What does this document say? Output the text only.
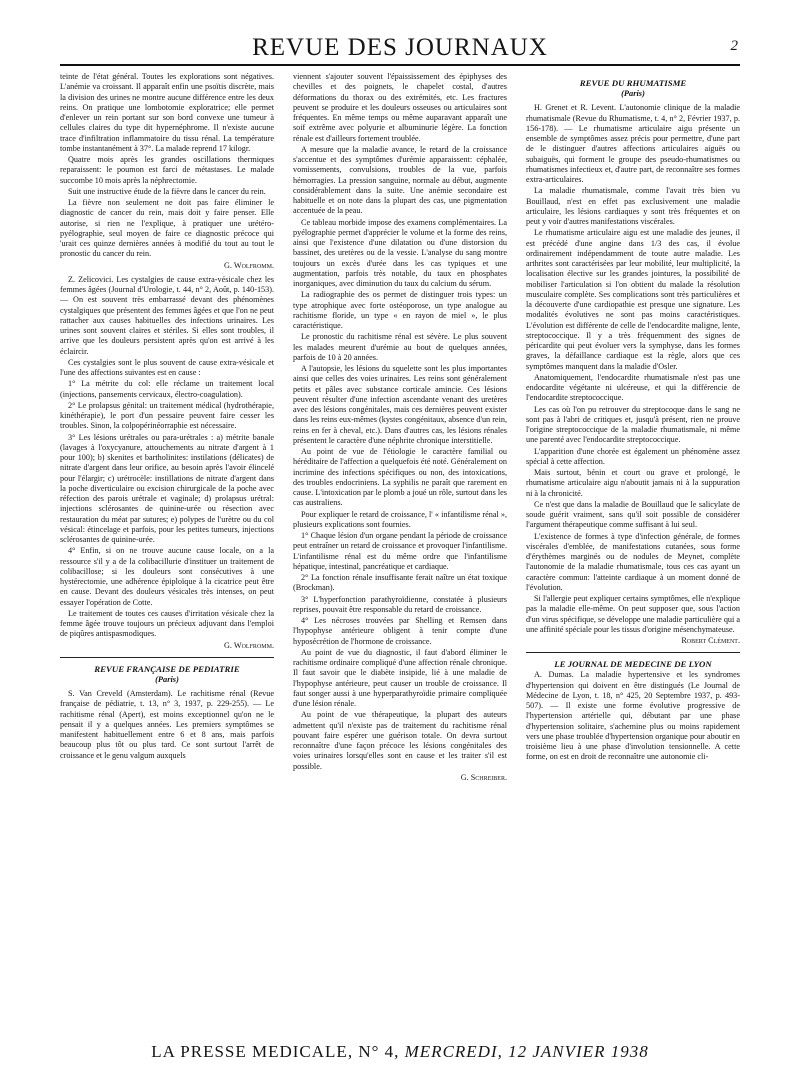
REVUE DES JOURNAUX	2

teinte de l'état général. Toutes les explorations sont négatives. L'anémie va croissant. Il apparaît enfin une psoïtis discrète, mais la division des urines ne montre aucune différence entre les deux reins. On pratique une lombotomie exploratrice; elle permet d'enlever un rein portant sur son bord convexe une tumeur à cellules claires du type dit hypernéphrome. Il n'existe aucune trace d'infiltration inflammatoire du tissu rénal. La température tombe instantanément à 37°. La malade reprend 17 kilogr.

Quatre mois après les grandes oscillations thermiques reparaissent: le poumon est farci de métastases. Le malade succombe 10 mois après la néphrectomie.

Suit une instructive étude de la fièvre dans le cancer du rein.

La fièvre non seulement ne doit pas faire éliminer le diagnostic de cancer du rein, mais doit y faire penser. Elle autorise, si rien ne l'explique, à pratiquer une urétéro-pyélographie, seul moyen de faire ce diagnostic précoce qui 'urait ces quinze dernières années à modifié du tout au tout le pronostic du cancer du rein.

G. Wolfromm.

Z. Zelicovici. Les cystalgies de cause extra-vésicale chez les femmes âgées (Journal d'Urologie, t. 44, n° 2, Août, p. 140-153). — On est souvent très embarrassé devant des phénomènes cystalgiques que présentent des femmes âgées et que l'on ne peut rattacher aux causes habituelles des infections urinaires. Les urines sont souvent claires et stériles. Si elles sont troubles, il arrive que les douleurs persistent après qu'on est arrivé à les éclaircir.

Ces cystalgies sont le plus souvent de cause extra-vésicale et l'une des affections suivantes est en cause :

1° La métrite du col: elle réclame un traitement local (injections, pansements cervicaux, électro-coagulation).

2° Le prolapsus génital: un traitement médical (hydrothérapie, kinéthérapie), le port d'un pessaire peuvent faire cesser les troubles. Sinon, la colpopérinéorraphie est nécessaire.

3° Les lésions urétrales ou para-urétrales : a) métrite banale (lavages à l'oxycyanure, attouchements au nitrate d'argent à 1 pour 100); b) skenites et bartholinites: instilations (délicates) de nitrate d'argent dans leur orifice, au besoin après l'avoir élincelé pour l'élargir; c) urétrocèle: instillations de nitrate d'argent dans la poche diverticulaire ou excision chirurgicale de la poche avec réfection des parois urétrale et vaginale; d) prolapsus urétral: injections sclérosantes de quinine-urée ou résection avec restauration du méat par sutures; e) polypes de l'urètre ou du col vésical: étincelage et parfois, pour les petites tumeurs, injections sclérosantes de quinine-urée.

4° Enfin, si on ne trouve aucune cause locale, on a la ressource s'il y a de la colibacillurie d'instituer un traitement de colibacillose; si les douleurs sont consécutives à une hystérectomie, une adhérence épiploïque à la cicatrice peut être en cause. Devant des douleurs vésicales très intenses, on peut essayer l'opération de Cotte.

Le traitement de toutes ces causes d'irritation vésicale chez la femme âgée trouve toujours un précieux adjuvant dans l'emploi de piqûres antispasmodiques.

G. Wolfromm.
REVUE FRANÇAISE DE PEDIATRIE
(Paris)

S. Van Creveld (Amsterdam). Le rachitisme rénal (Revue française de pédiatrie, t. 13, n° 3, 1937, p. 229-255). — Le rachitisme rénal (Apert), est moins exceptionnel qu'on ne le pensait il y a quelques années. Les premiers symptômes se manifestent habituellement entre 6 et 8 ans, mais parfois beaucoup plus tôt ou plus tard. Ce sont surtout l'arrêt de croissance et le genu valgum auxquels

viennent s'ajouter souvent l'épaississement des épiphyses des chevilles et des poignets, le chapelet costal, d'autres déformations du thorax ou des extrémités, etc. Les fractures peuvent se produire et les douleurs osseuses ou articulaires sont fréquentes. En même temps ou même auparavant apparaît une soif extrême avec polyurie et albuminurie légère. La fonction rénale est d'ailleurs fortement troublée.

A mesure que la maladie avance, le retard de la croissance s'accentue et des symptômes d'urémie apparaissent: céphalée, vomissements, convulsions, troubles de la vue, parfois hémorragies. La pression sanguine, normale au début, augmente considérablement dans la suite. Une anémie secondaire est habituelle et on note dans la plupart des cas, une pigmentation accentuée de la peau.

Ce tableau morbide impose des examens complémentaires. La pyélographie permet d'apprécier le volume et la forme des reins, ainsi que l'existence d'une dilatation ou d'une distorsion du bassinet, des uretères ou de la vessie. L'analyse du sang montre toujours un excès d'urée dans les cas typiques et une augmentation, parfois très notable, du taux en phosphates inorganiques, avec diminution du taux du calcium du sérum.

La radiographie des os permet de distinguer trois types: un type atrophique avec forte ostéoporose, un type analogue au rachitisme floride, un type « en rayon de miel », le plus caractéristique.

Le pronostic du rachitisme rénal est sévère. Le plus souvent les malades meurent d'urémie au bout de quelques années, parfois de 10 à 20 années.

A l'autopsie, les lésions du squelette sont les plus importantes ainsi que celles des voies urinaires. Les reins sont généralement petits et pâles avec substance corticale amincie. Ces lésions peuvent résulter d'une infection ascendante venant des uretères avec des lésions congénitales, mais ces dernières peuvent exister dans les reins eux-mêmes (kystes congénitaux, absence d'un rein, reins en fer à cheval, etc.). Dans d'autres cas, les lésions rénales présentent le caractère d'une néphrite chronique interstitielle.

Au point de vue de l'étiologie le caractère familial ou héréditaire de l'affection a quelquefois été noté. Généralement on incrimine des infections spécifiques ou non, des intoxications, des troubles endocriniens. La syphilis ne paraît que rarement en cause. L'intoxication par le plomb a joué un rôle, surtout dans les cas australiens.

Pour expliquer le retard de croissance, l' « infantilisme rénal », plusieurs explications sont fournies.

1° Chaque lésion d'un organe pendant la période de croissance peut entraîner un retard de croissance et provoquer l'infantilisme. L'infantilisme rénal est du même ordre que l'infantilisme hépatique, intestinal, pancréatique et cardiaque.

2° La fonction rénale insuffisante ferait naître un état toxique (Brockman).

3° L'hyperfonction parathyroïdienne, constatée à plusieurs reprises, pouvait être responsable du retard de croissance.

4° Les nécroses trouvées par Shelling et Remsen dans l'hypophyse antérieure obligent à tenir compte d'une hyposécrétion de l'hormone de croissance.

Au point de vue du diagnostic, il faut d'abord éliminer le rachitisme ordinaire compliqué d'une affection rénale chronique. Il faut savoir que le diabète insipide, lié à une maladie de l'hypophyse antérieure, peut causer un trouble de croissance. Il faut songer aussi à une hyperparathyroïdie primaire compliquée d'une lésion rénale.

Au point de vue thérapeutique, la plupart des auteurs admettent qu'il n'existe pas de traitement du rachitisme rénal pouvant faire espérer une guérison totale. On devra surtout reconnaître d'une façon précoce les lésions congénitales des voies urinaires lorsqu'elles sont en cause et les traiter s'il est possible.

G. Schreiber.
REVUE DU RHUMATISME
(Paris)

H. Grenet et R. Levent. L'autonomie clinique de la maladie rhumatismale (Revue du Rhumatisme, t. 4, n° 2, Février 1937, p. 156-178). — Le rhumatisme articulaire aigu présente un ensemble de symptômes assez précis pour permettre, d'une part de le distinguer d'autres affections articulaires aiguës ou subaiguës, qui forment le groupe des pseudo-rhumatismes ou rhumatismes infectieux et, d'autre part, de reconnaître ses formes extra-articulaires.

La maladie rhumatismale, comme l'avait très bien vu Bouillaud, n'est en effet pas exclusivement une maladie articulaire, les lésions cardiaques y sont très fréquentes et on peut y voir d'autres manifestations viscérales.

Le rhumatisme articulaire aigu est une maladie des jeunes, il est précédé d'une angine dans 1/3 des cas, il évolue ordinairement indépendamment de toute autre maladie. Les arthrites sont caractérisées par leur mobilité, leur multiplicité, la localisation élective sur les grandes jointures, la possibilité de mobiliser l'articulation si l'on obtient du malade la résolution musculaire complète. Ses complications sont très particulières et la découverte d'une cardiopathie est presque une signature. Les modalités évolutives ne sont pas moins caractéristiques. L'évolution est différente de celle de l'endocardite maligne, lente, streptococcique. Il y a très fréquemment des signes de péricardite qui peut évoluer vers la symphyse, dans les formes graves, la défaillance cardiaque est la règle, alors que ces symptômes manquent dans la maladie d'Osler.

Anatomiquement, l'endocardite rhumatismale n'est pas une endocardite végétante ni ulcéreuse, et qui la différencie de l'endocardite streptococcique.

Les cas où l'on pu retrouver du streptocoque dans le sang ne sont pas à l'abri de critiques et, jusqu'à présent, rien ne prouve l'origine streptococcique de la maladie rhumatismale, ni même une parenté avec l'endocardite streptococcique.

L'apparition d'une chorée est également un phénomène assez spécial à cette affection.

Mais surtout, bénin et court ou grave et prolongé, le rhumatisme articulaire aigu n'aboutit jamais ni à la suppuration ni à la chronicité.

Ce n'est que dans la maladie de Bouillaud que le salicylate de soude guérit vraiment, sans qu'il soit possible de considérer l'argument thérapeutique comme suffisant à lui seul.

L'existence de formes à type d'infection générale, de formes viscérales d'emblée, de manifestations cutanées, sous forme d'érythèmes marginés ou de nodules de Meynet, complète l'autonomie de la maladie rhumatismale, tous ces cas ayant un caractère commun: l'atteinte cardiaque à un moment donné de l'évolution.

Si l'allergie peut expliquer certains symptômes, elle n'explique pas la maladie elle-même. On peut supposer que, sous l'action d'un virus spécifique, se développe une maladie particulière qui a une affinité spéciale pour les tissus d'origine mésenchymateuse.

Robert Clément.
LE JOURNAL DE MEDECINE DE LYON

A. Dumas. La maladie hypertensive et les syndromes d'hypertension qui doivent en être distingués (Le Journal de Médecine de Lyon, t. 18, n° 425, 20 Septembre 1937, p. 493-507). — Il existe une forme évolutive progressive de l'hypertension artérielle qui, débutant par une phase d'hypertension solitaire, s'achemine plus ou moins rapidement vers une phase troublée d'hypertension organique pour aboutir en troisième lieu à une phase d'involution tensionnelle. A cette forme, on est en droit de reconnaître une autonomie cli-

LA PRESSE MEDICALE, N° 4, MERCREDI, 12 JANVIER 1938
